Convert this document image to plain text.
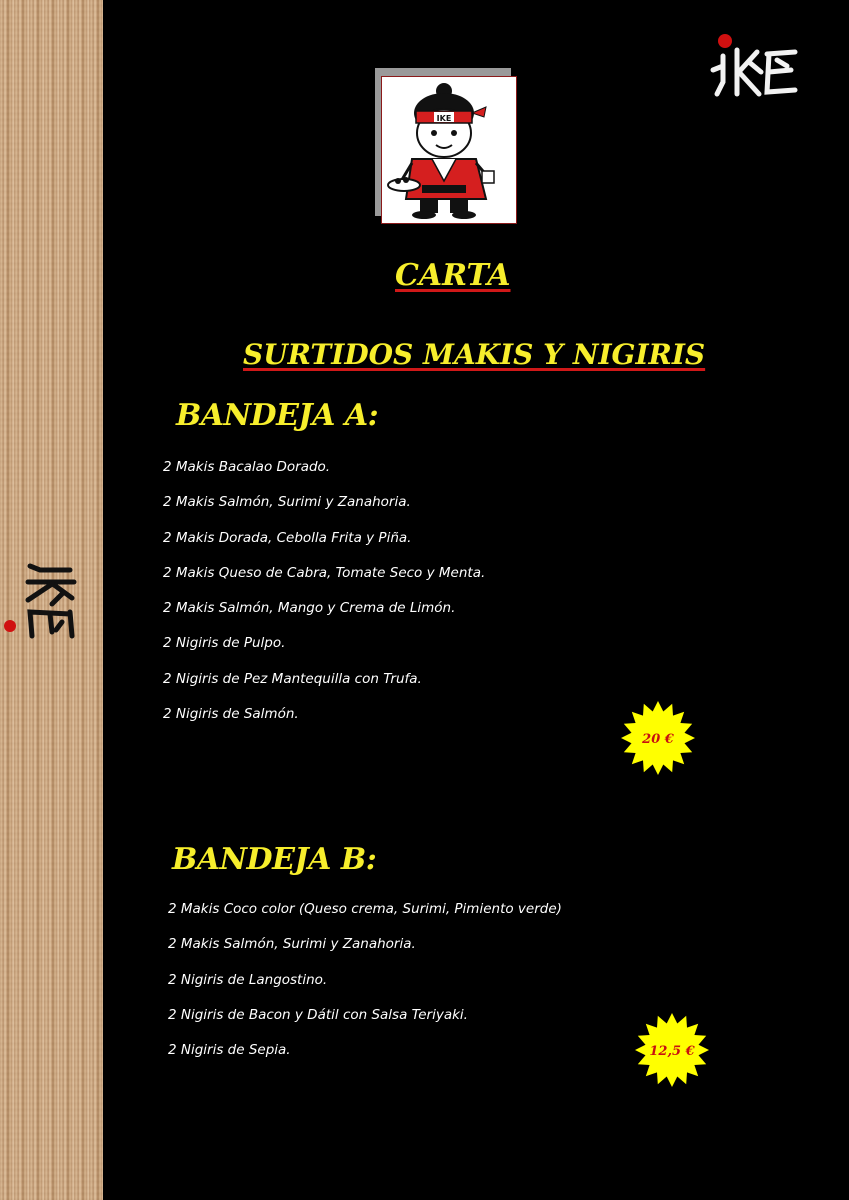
IKE
CARTA
SURTIDOS MAKIS Y NIGIRIS
BANDEJA A:
2 Makis Bacalao Dorado.
2 Makis Salmón, Surimi y Zanahoria.
2 Makis Dorada, Cebolla Frita y Piña.
2 Makis Queso de Cabra, Tomate Seco y Menta.
2 Makis Salmón, Mango y Crema de Limón.
2 Nigiris de Pulpo.
2 Nigiris de Pez Mantequilla con Trufa.
2 Nigiris de Salmón.
20 €
BANDEJA B:
2 Makis Coco color (Queso crema, Surimi, Pimiento verde)
2 Makis Salmón, Surimi y Zanahoria.
2 Nigiris de Langostino.
2 Nigiris de Bacon y Dátil con Salsa Teriyaki.
2 Nigiris de Sepia.	12,5 €
